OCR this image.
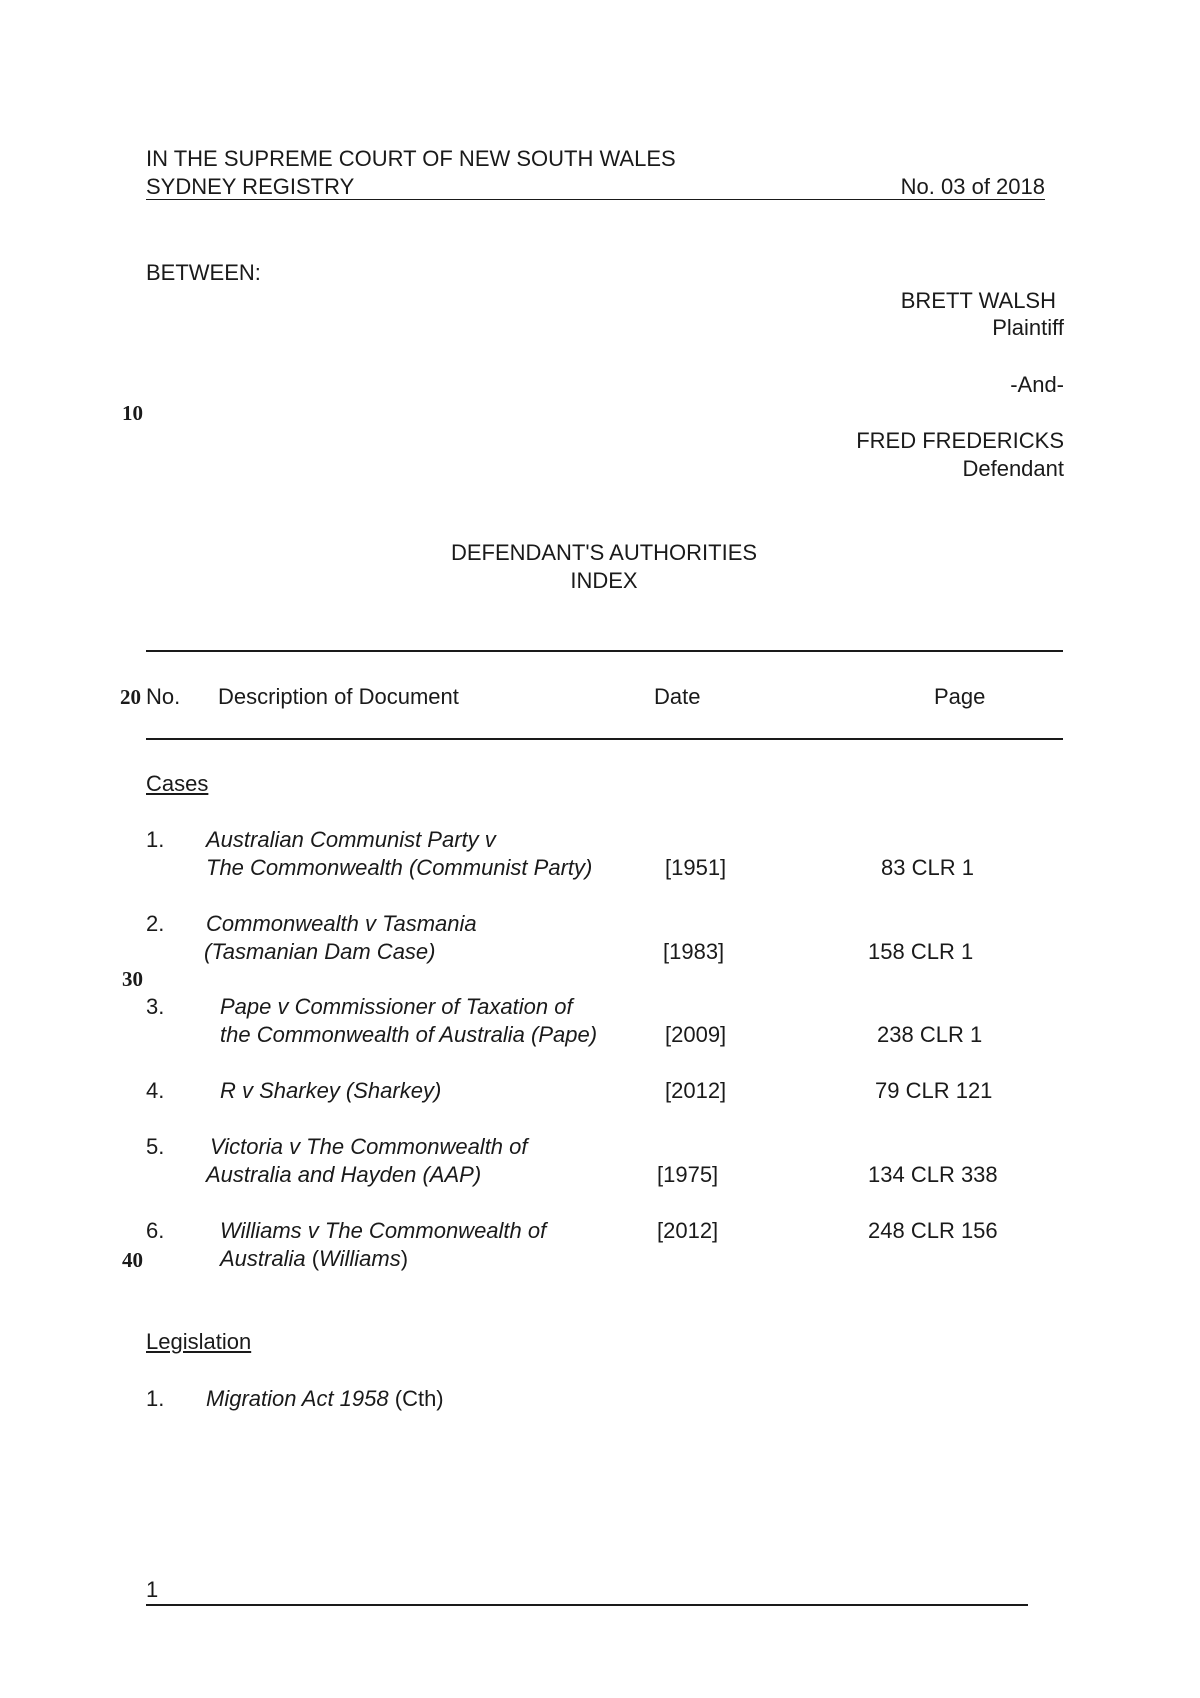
IN THE SUPREME COURT OF NEW SOUTH WALES
SYDNEY REGISTRY	No. 03 of 2018
BETWEEN:
BRETT WALSH
Plaintiff
-And-
FRED FREDERICKS
Defendant
10
20
30
40
DEFENDANT'S AUTHORITIES
INDEX
No. Description of Document	Date	Page
Cases
1. Australian Communist Party v
The Commonwealth (Communist Party)	[1951]	83 CLR 1
2. Commonwealth v Tasmania
(Tasmanian Dam Case)	[1983]	158 CLR 1
3.	Pape v Commissioner of Taxation of
the Commonwealth of Australia (Pape)	[2009]	238 CLR 1
4.	R v Sharkey (Sharkey)	[2012]	79 CLR 121
5. Victoria v The Commonwealth of
Australia and Hayden (AAP)	[1975]	134 CLR 338
6.	Williams v The Commonwealth of	[2012]	248 CLR 156
Australia (Williams)
Legislation
1. Migration Act 1958 (Cth)
1
